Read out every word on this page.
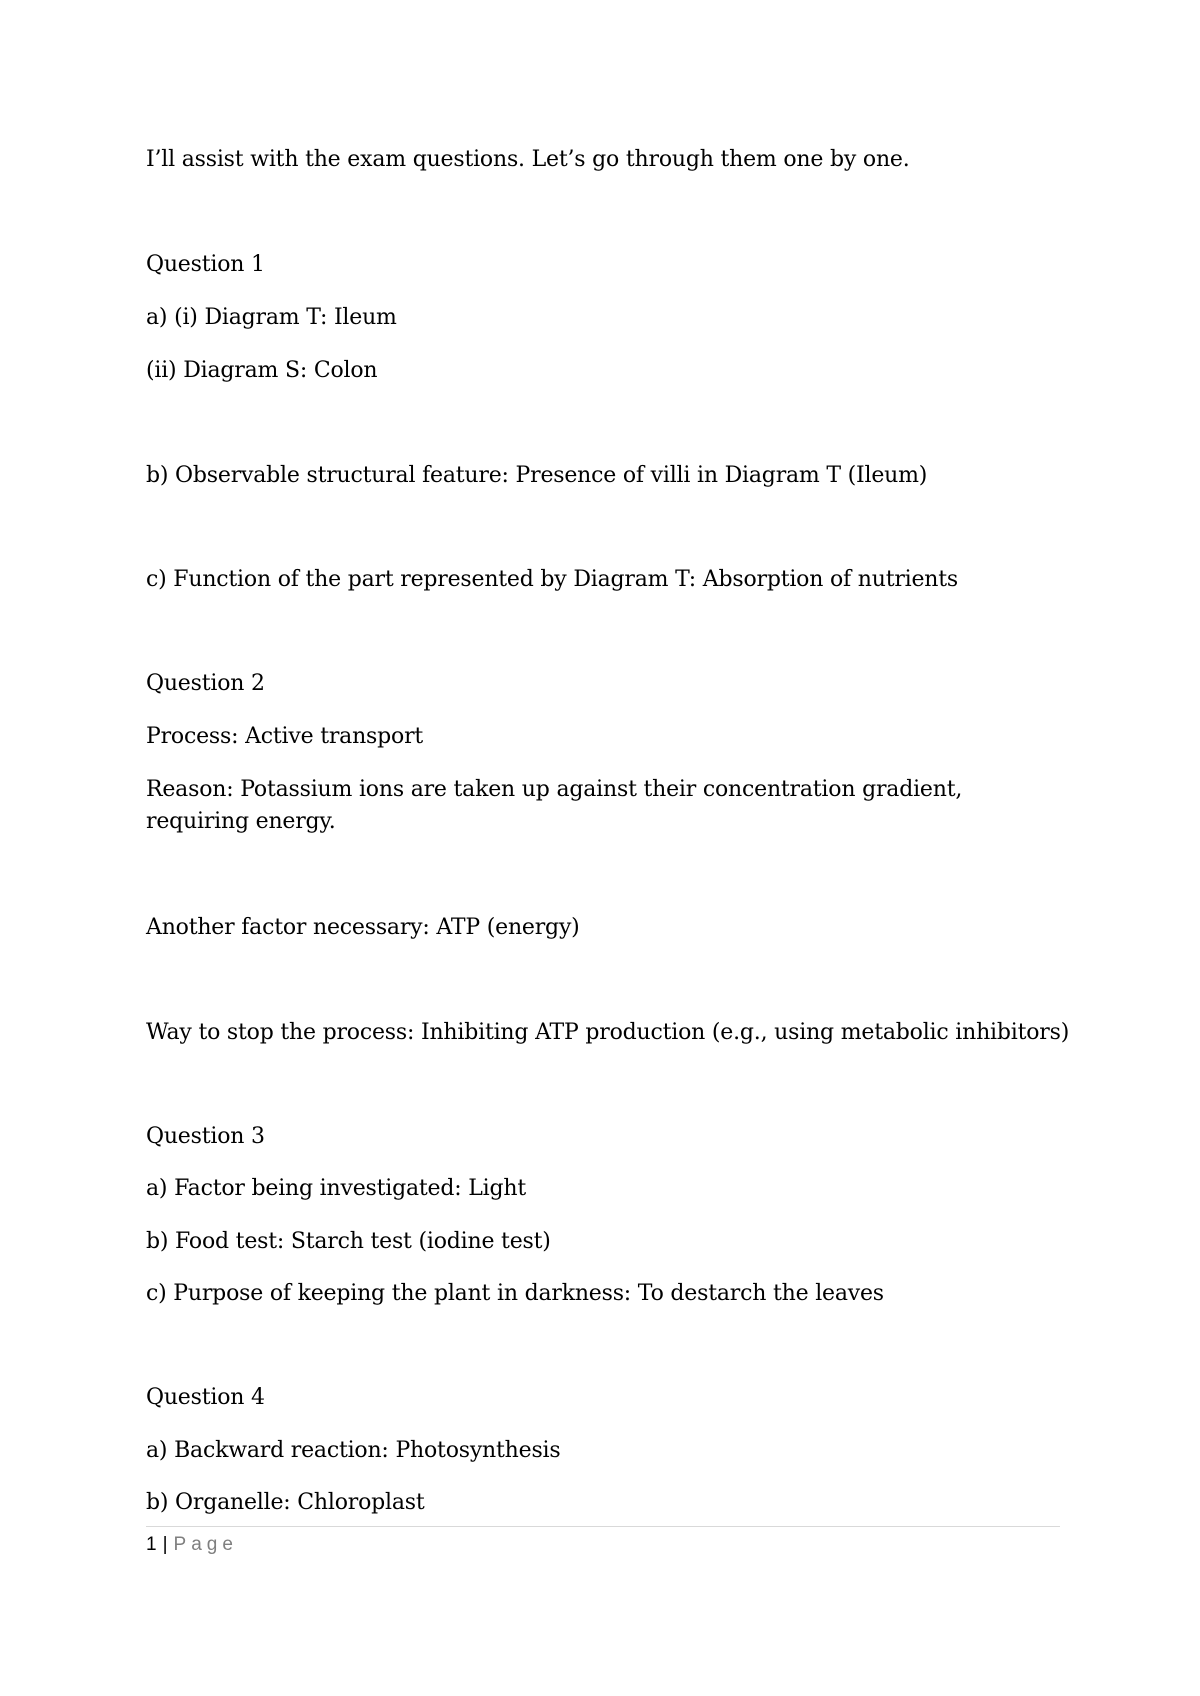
I’ll assist with the exam questions. Let’s go through them one by one.
Question 1
a) (i) Diagram T: Ileum
(ii) Diagram S: Colon
b) Observable structural feature: Presence of villi in Diagram T (Ileum)
c) Function of the part represented by Diagram T: Absorption of nutrients
Question 2
Process: Active transport
Reason: Potassium ions are taken up against their concentration gradient, requiring energy.
Another factor necessary: ATP (energy)
Way to stop the process: Inhibiting ATP production (e.g., using metabolic inhibitors)
Question 3
a) Factor being investigated: Light
b) Food test: Starch test (iodine test)
c) Purpose of keeping the plant in darkness: To destarch the leaves
Question 4
a) Backward reaction: Photosynthesis
b) Organelle: Chloroplast
1 | Page
